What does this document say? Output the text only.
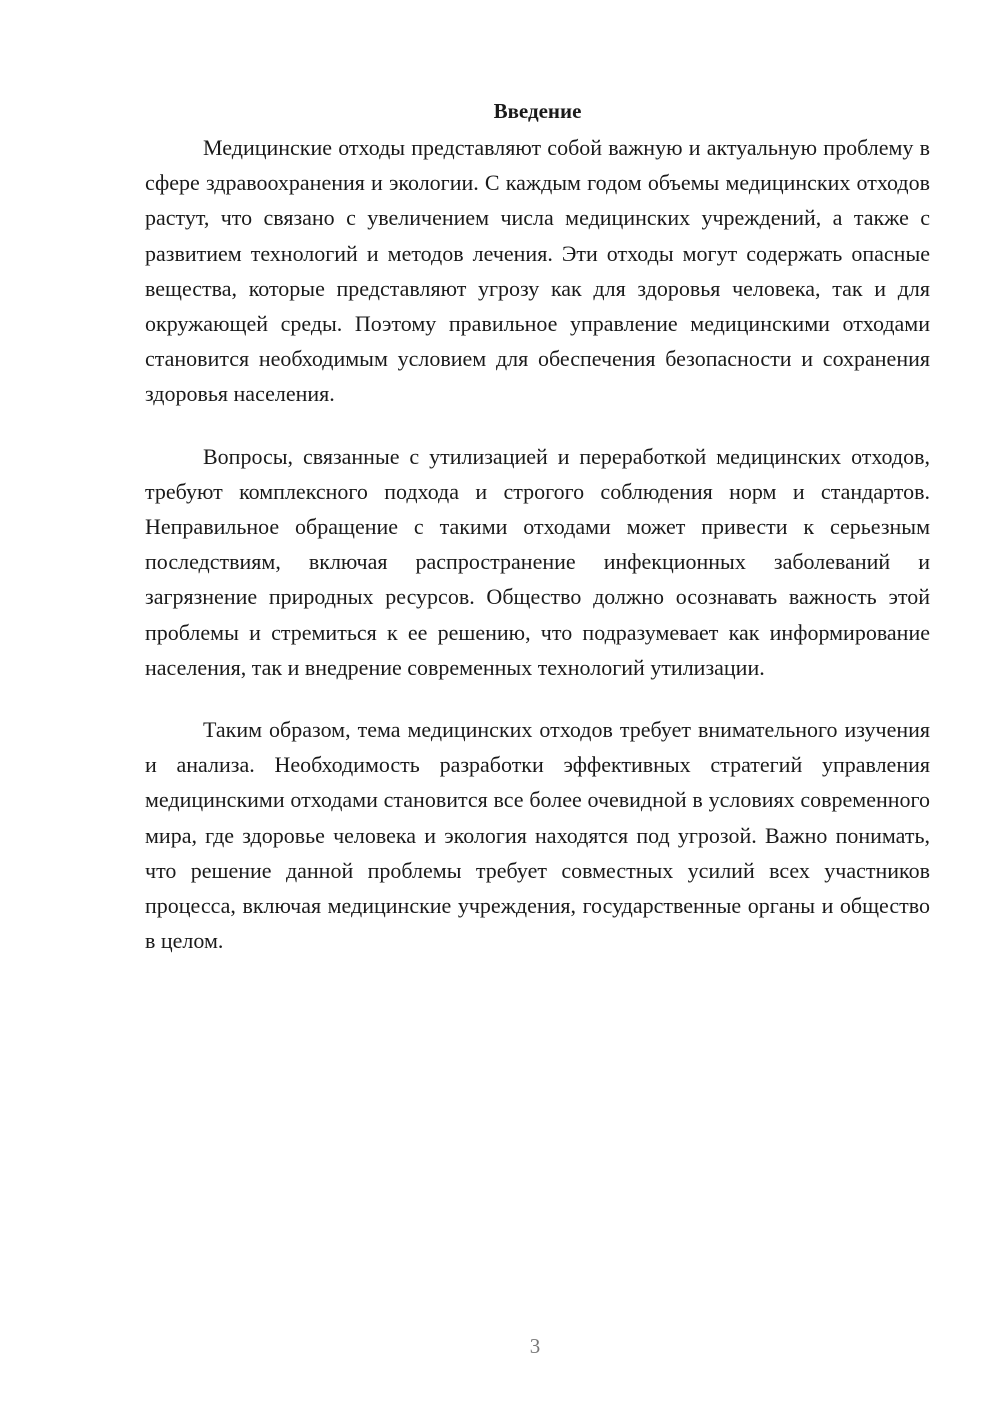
Введение

Медицинские отходы представляют собой важную и актуальную проблему в сфере здравоохранения и экологии. С каждым годом объемы медицинских отходов растут, что связано с увеличением числа медицинских учреждений, а также с развитием технологий и методов лечения. Эти отходы могут содержать опасные вещества, которые представляют угрозу как для здоровья человека, так и для окружающей среды. Поэтому правильное управление медицинскими отходами становится необходимым условием для обеспечения безопасности и сохранения здоровья населения.

Вопросы, связанные с утилизацией и переработкой медицинских отходов, требуют комплексного подхода и строгого соблюдения норм и стандартов. Неправильное обращение с такими отходами может привести к серьезным последствиям, включая распространение инфекционных заболеваний и загрязнение природных ресурсов. Общество должно осознавать важность этой проблемы и стремиться к ее решению, что подразумевает как информирование населения, так и внедрение современных технологий утилизации.

Таким образом, тема медицинских отходов требует внимательного изучения и анализа. Необходимость разработки эффективных стратегий управления медицинскими отходами становится все более очевидной в условиях современного мира, где здоровье человека и экология находятся под угрозой. Важно понимать, что решение данной проблемы требует совместных усилий всех участников процесса, включая медицинские учреждения, государственные органы и общество в целом.

3
